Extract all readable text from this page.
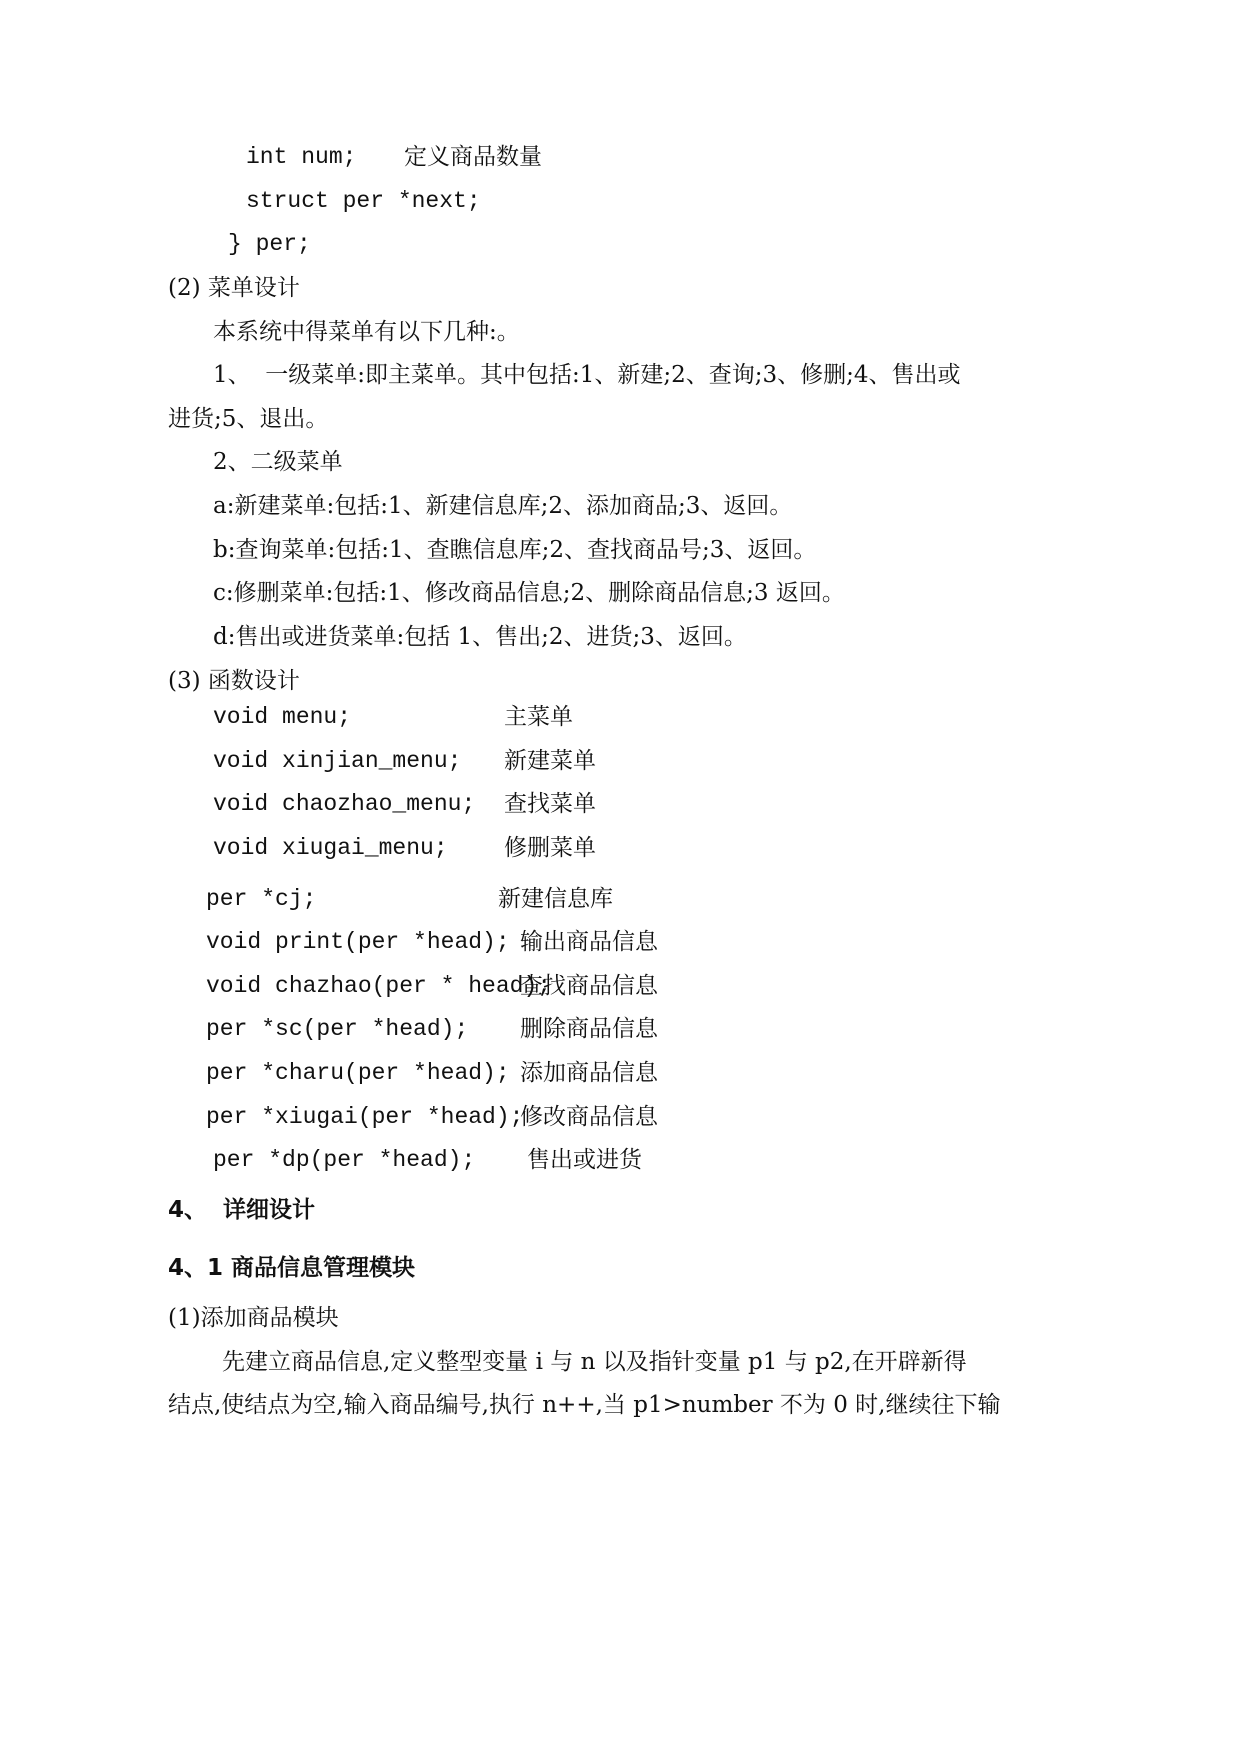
int num; 定义商品数量
struct per *next;
} per;
(2) 菜单设计
本系统中得菜单有以下几种:。
1、  一级菜单:即主菜单。其中包括:1、新建;2、查询;3、修删;4、售出或
进货;5、退出。
2、二级菜单
a:新建菜单:包括:1、新建信息库;2、添加商品;3、返回。
b:查询菜单:包括:1、查瞧信息库;2、查找商品号;3、返回。
c:修删菜单:包括:1、修改商品信息;2、删除商品信息;3 返回。
d:售出或进货菜单:包括 1、售出;2、进货;3、返回。
(3) 函数设计
void menu;	主菜单
void xinjian_menu; 新建菜单
void chaozhao_menu; 查找菜单
void xiugai_menu; 修删菜单
per *cj;	新建信息库
void print(per *head); 输出商品信息
void chazhao(per * head);
查找商品信息
per *sc(per *head); 删除商品信息
per *charu(per *head); 添加商品信息
per *xiugai(per *head);
修改商品信息
per *dp(per *head); 售出或进货
4、  详细设计
4、1 商品信息管理模块
(1)添加商品模块
先建立商品信息,定义整型变量 i 与 n 以及指针变量 p1 与 p2,在开辟新得
结点,使结点为空,输入商品编号,执行 n++,当 p1>number 不为 0 时,继续往下输
